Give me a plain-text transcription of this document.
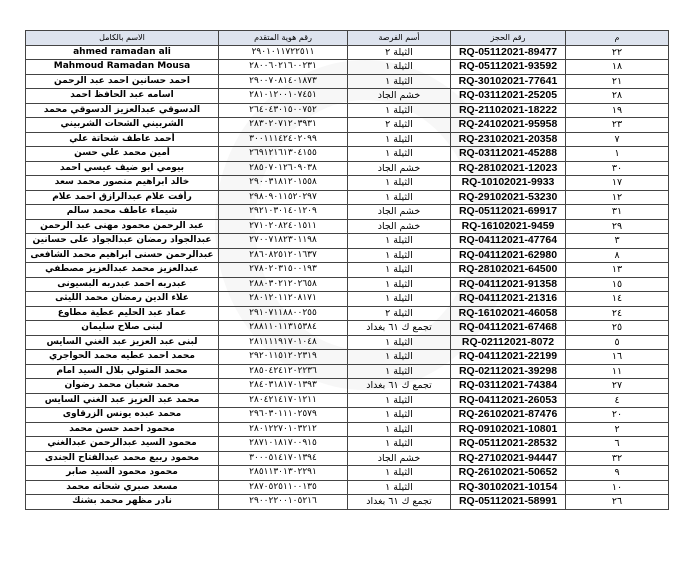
الاسم بالكامل	رقم هوية المتقدم	أسم الفرصة	رقم الحجز	م
ahmed ramadan ali	٢٩٠١٠١١٧٢٢٥١١	الثيلة ٢	RQ-05112021-89477	٢٢
Mahmoud Ramadan Mousa	٢٨٠٠٦٠٢١٦٠٠٢٣١	الثيلة ١	RQ-05112021-93592	١٨
احمد حسانين احمد عبد الرحمن	٢٩٠٠٧٠٨١٤٠١٨٧٣	الثيلة ١	RQ-30102021-77641	٢١
اسامه عبد الحافظ احمد	٢٨١٠١٢٠٠١٠٧٤٥١	خشم الجاد	RQ-03112021-25205	٢٨
الدسوقي عبدالعزيز الدسوقي محمد	٢٦٤٠٤٣٠١٥٠٠٧٥٢	الثيلة ١	RQ-21102021-18222	١٩
الشربيني الشحات الشربيني	٢٨٣٠٢٠٧١٢٠٣٩٣١	الثيلة ٢	RQ-24102021-95958	٢٣
أحمد عاطف شحاتة علي	٣٠٠١١١٤٢٤٠٢٠٩٩	الثيلة ١	RQ-23102021-20358	٧
أمين محمد علي حسن	٢٦٩١٢١٦١٣٠٤١٥٥	الثيلة ١	RQ-03112021-45288	١
بيومي ابو ضيف عيسي احمد	٢٨٥٠٧٠١٢٦٠٩٠٣٨	خشم الجاد	RQ-28102021-12023	٣٠
خالد ابراهيم منصور محمد سعد	٢٩٠٠٣١٨١٢٠١٥٥٨	الثيلة ١	RQ-10102021-9933	١٧
رأفت علام عبدالرازق احمد علام	٢٩٨٠٩٠١١٥٢٠٢٩٧	الثيلة ١	RQ-29102021-53230	١٢
شيماء عاطف محمد سالم	٢٩٢١٠٣٠١٤٠١٢٠٩	خشم الجاد	RQ-05112021-69917	٣١
عبد الرحمن محمود مهنى عبد الرحمن	٢٧١٠٢٠٨٢٤٠١٥١١	خشم الجاد	RQ-16102021-9459	٢٩
عبدالجواد رمضان عبدالجواد على حسانين	٢٧٠٠٧١٨٢٣٠١١٩٨	الثيلة ١	RQ-04112021-47764	٣
عبدالرحمن حسنى ابراهيم محمد الشافعى	٢٨٦٠٨٢٥١٢٠١٦٣٧	الثيلة ١	RQ-04112021-62980	٨
عبدالعزيز محمد عبدالعزيز مصطفي	٢٧٨٠٢٠٣١٥٠٠١٩٣	الثيلة ١	RQ-28102021-64500	١٣
عبدربه احمد عبدربه البسيونى	٢٨٨٠٣٠٢١٢٠٢٦٥٨	الثيلة ١	RQ-04112021-91358	١٥
علاء الدين رمضان محمد الليثى	٢٨٠١٢٠١١٢٠٨١٧١	الثيلة ١	RQ-04112021-21316	١٤
عماد عبد الحليم عطية مطاوع	٢٩١٠٧١١٨٨٠٠٢٥٥	الثيلة ٢	RQ-16102021-46058	٢٤
لبنى صلاح سليمان	٢٨٨١١٠١١٣١٥٣٨٤	تجمع ك ٦١ بغداد	RQ-04112021-67468	٢٥
لبنى عبد العزيز عبد الغني السايس	٢٨١١١١٩١٧٠١٠٤٨	الثيلة ١	RQ-02112021-8072	٥
محمد احمد عطيه محمد الحواجري	٢٩٢٠١١٥١٢٠٢٣١٩	الثيلة ١	RQ-04112021-22199	١٦
محمد المتولي بلال السيد امام	٢٨٥٠٤٢٤١٢٠٢٢٣٦	الثيلة ١	RQ-02112021-39298	١١
محمد شعبان محمد رضوان	٢٨٤٠٣١٨١٧٠١٣٩٣	تجمع ك ٦١ بغداد	RQ-03112021-74384	٢٧
محمد عبد العزيز عبد الغني السايس	٢٨٠٤٢١٤١٧٠١٢١١	الثيلة ١	RQ-04112021-26053	٤
محمد عبده يونس الزرقاوى	٢٩٦٠٣٠١١١٠٢٥٧٩	الثيلة ١	RQ-26102021-87476	٢٠
محمود احمد حسن محمد	٢٨٠١٢٢٧٠١٠٣٢١٢	الثيلة ١	RQ-09102021-10801	٢
محمود السيد عبدالرحمن عبدالغني	٢٨٧١٠١٨١٧٠٠٩١٥	الثيلة ١	RQ-05112021-28532	٦
محمود ربيع محمد عبدالفتاح الجندى	٣٠٠٠٥١٤١٧٠١٣٩٤	خشم الجاد	RQ-27102021-94447	٣٢
محمود محمود السيد صابر	٢٨٥١١٣٠١٣٠٢٢٩١	الثيلة ١	RQ-26102021-50652	٩
مسعد صبري شحاته محمد	٢٨٧٠٥٢٥١١٠٠١٣٥	الثيلة ١	RQ-30102021-10154	١٠
نادر مظهر محمد بشنك	٢٩٠٠٢٢٠٠١٠٥٢١٦	تجمع ك ٦١ بغداد	RQ-05112021-58991	٢٦
